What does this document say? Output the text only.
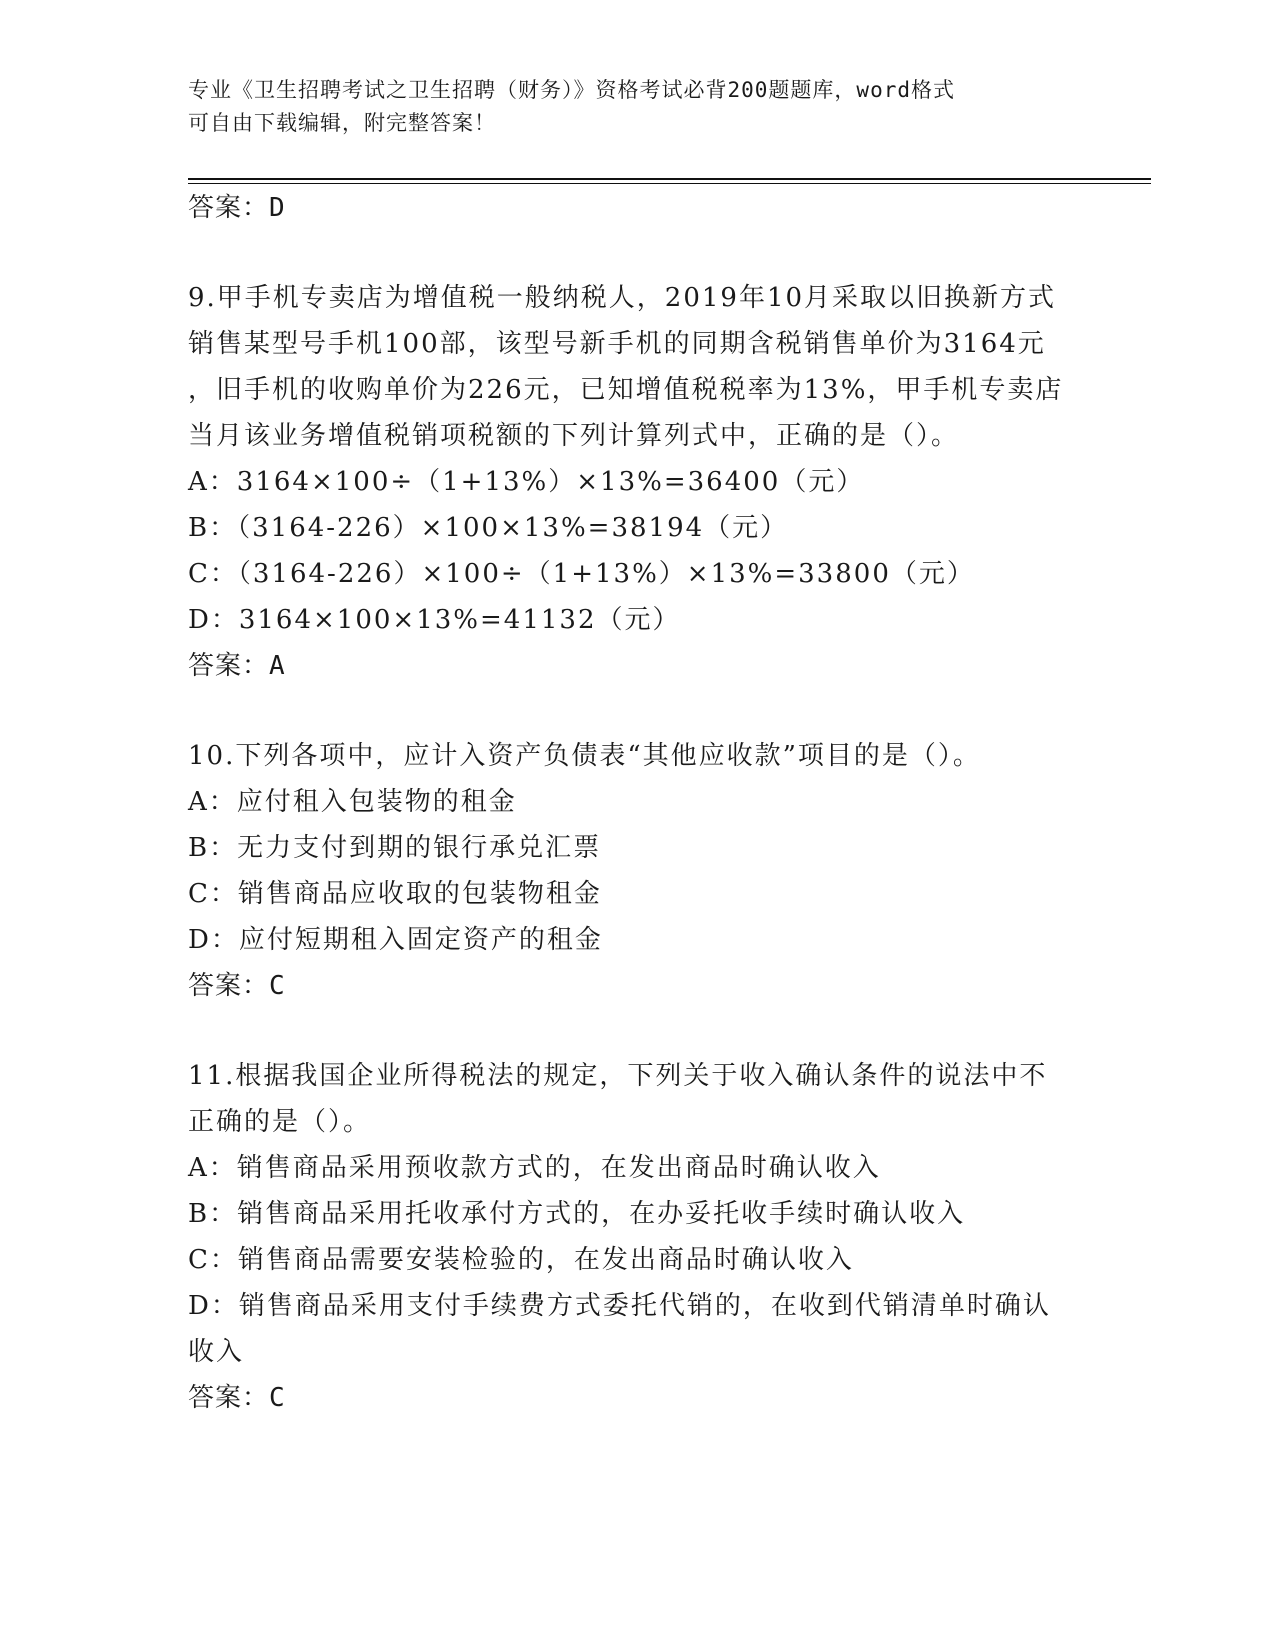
专业《卫生招聘考试之卫生招聘（财务）》资格考试必背200题题库，word格式
可自由下载编辑，附完整答案！
答案：D
9.甲手机专卖店为增值税一般纳税人，2019年10月采取以旧换新方式
销售某型号手机100部，该型号新手机的同期含税销售单价为3164元
，旧手机的收购单价为226元，已知增值税税率为13%，甲手机专卖店
当月该业务增值税销项税额的下列计算列式中，正确的是（）。
A：3164×100÷（1+13%）×13%=36400（元）
B：（3164-226）×100×13%=38194（元）
C：（3164-226）×100÷（1+13%）×13%=33800（元）
D：3164×100×13%=41132（元）
答案：A
10.下列各项中，应计入资产负债表“其他应收款”项目的是（）。
A：应付租入包装物的租金
B：无力支付到期的银行承兑汇票
C：销售商品应收取的包装物租金
D：应付短期租入固定资产的租金
答案：C
11.根据我国企业所得税法的规定，下列关于收入确认条件的说法中不
正确的是（）。
A：销售商品采用预收款方式的，在发出商品时确认收入
B：销售商品采用托收承付方式的，在办妥托收手续时确认收入
C：销售商品需要安装检验的，在发出商品时确认收入
D：销售商品采用支付手续费方式委托代销的，在收到代销清单时确认
收入
答案：C
